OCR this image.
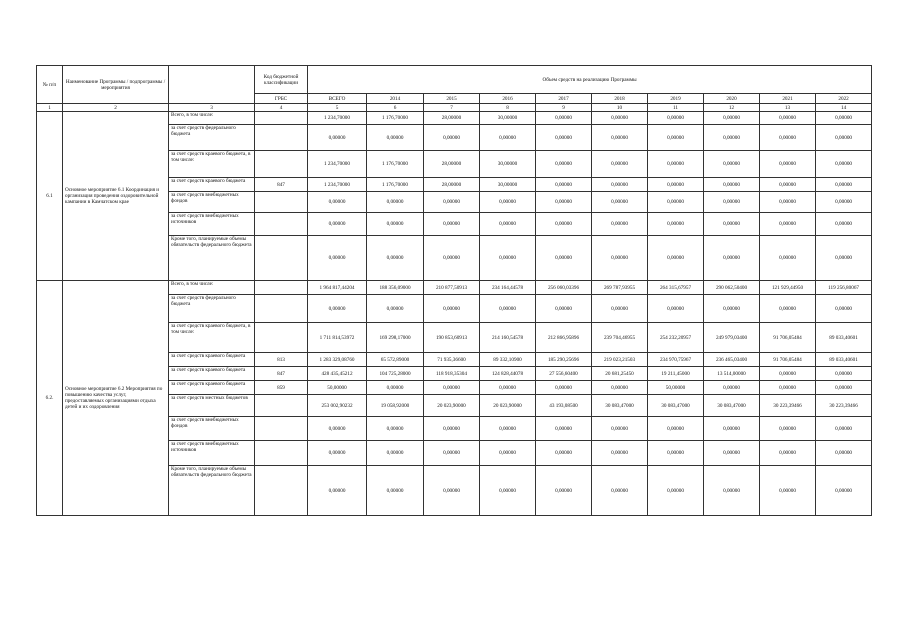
№ п/п	Наименование Программы / подпрограммы / мероприятия		Код бюджетной классификации	Объем средств на реализацию Программы									
			ГРБС	ВСЕГО	2014	2015	2016	2017	2018	2019	2020	2021	2022
1	2	3	4	5	6	7	8	9	10	11	12	13	14
6.1	Основное мероприятие 6.1 Координация и организация проведения оздоровительной кампании в Камчатском крае	Всего, в том числе:		1 234,70000	1 176,70000	28,00000	30,00000	0,00000	0,00000	0,00000	0,00000	0,00000	0,00000
		за счет средств федерального бюджета		0,00000	0,00000	0,00000	0,00000	0,00000	0,00000	0,00000	0,00000	0,00000	0,00000
		за счет средств краевого бюджета, в том числе:		1 234,70000	1 176,70000	28,00000	30,00000	0,00000	0,00000	0,00000	0,00000	0,00000	0,00000
		за счет средств краевого бюджета	847	1 234,70000	1 176,70000	28,00000	30,00000	0,00000	0,00000	0,00000	0,00000	0,00000	0,00000
		за счет средств внебюджетных фондов		0,00000	0,00000	0,00000	0,00000	0,00000	0,00000	0,00000	0,00000	0,00000	0,00000
		за счет средств внебюджетных источников		0,00000	0,00000	0,00000	0,00000	0,00000	0,00000	0,00000	0,00000	0,00000	0,00000
		Кроме того, планируемые объемы обязательств федерального бюджета		0,00000	0,00000	0,00000	0,00000	0,00000	0,00000	0,00000	0,00000	0,00000	0,00000
6.2.	Основное мероприятие 6.2 Мероприятия по повышению качества услуг, предоставляемых организациями отдыха детей и их оздоровления	Всего, в том числе:		1 964 817,44204	188 356,09000	210 877,50913	234 164,44578	256 060,03396	269 787,93955	264 315,67957	290 062,50400	121 929,44950	119 256,80067
		за счет средств федерального бюджета		0,00000	0,00000	0,00000	0,00000	0,00000	0,00000	0,00000	0,00000	0,00000	0,00000
		за счет средств краевого бюджета, в том числе:		1 711 814,53972	169 298,17000	190 853,60913	214 160,54578	212 866,95896	239 704,46955	254 232,20957	249 979,03400	91 706,05484	89 033,40601
		за счет средств краевого бюджета	813	1 283 329,08760	65 572,89000	71 935,36600	89 332,10900	185 290,25696	219 023,21503	234 970,75967	236 465,03400	91 706,05484	89 033,40601
		за счет средств краевого бюджета	847	428 435,45212	104 725,28000	118 918,35304	124 828,44078	27 556,60400	20 681,25450	19 211,45000	13 514,00000	0,00000	0,00000
		за счет средств краевого бюджета	859	50,00000	0,00000	0,00000	0,00000	0,00000	0,00000	50,00000	0,00000	0,00000	0,00000
		за счет средств местных бюджетов		253 002,90232	19 058,92000	20 023,90000	20 023,90000	43 193,08500	30 083,47000	30 083,47000	30 083,47000	30 223,39466	30 223,39466
		за счет средств внебюджетных фондов		0,00000	0,00000	0,00000	0,00000	0,00000	0,00000	0,00000	0,00000	0,00000	0,00000
		за счет средств внебюджетных источников		0,00000	0,00000	0,00000	0,00000	0,00000	0,00000	0,00000	0,00000	0,00000	0,00000
		Кроме того, планируемые объемы обязательств федерального бюджета		0,00000	0,00000	0,00000	0,00000	0,00000	0,00000	0,00000	0,00000	0,00000	0,00000
